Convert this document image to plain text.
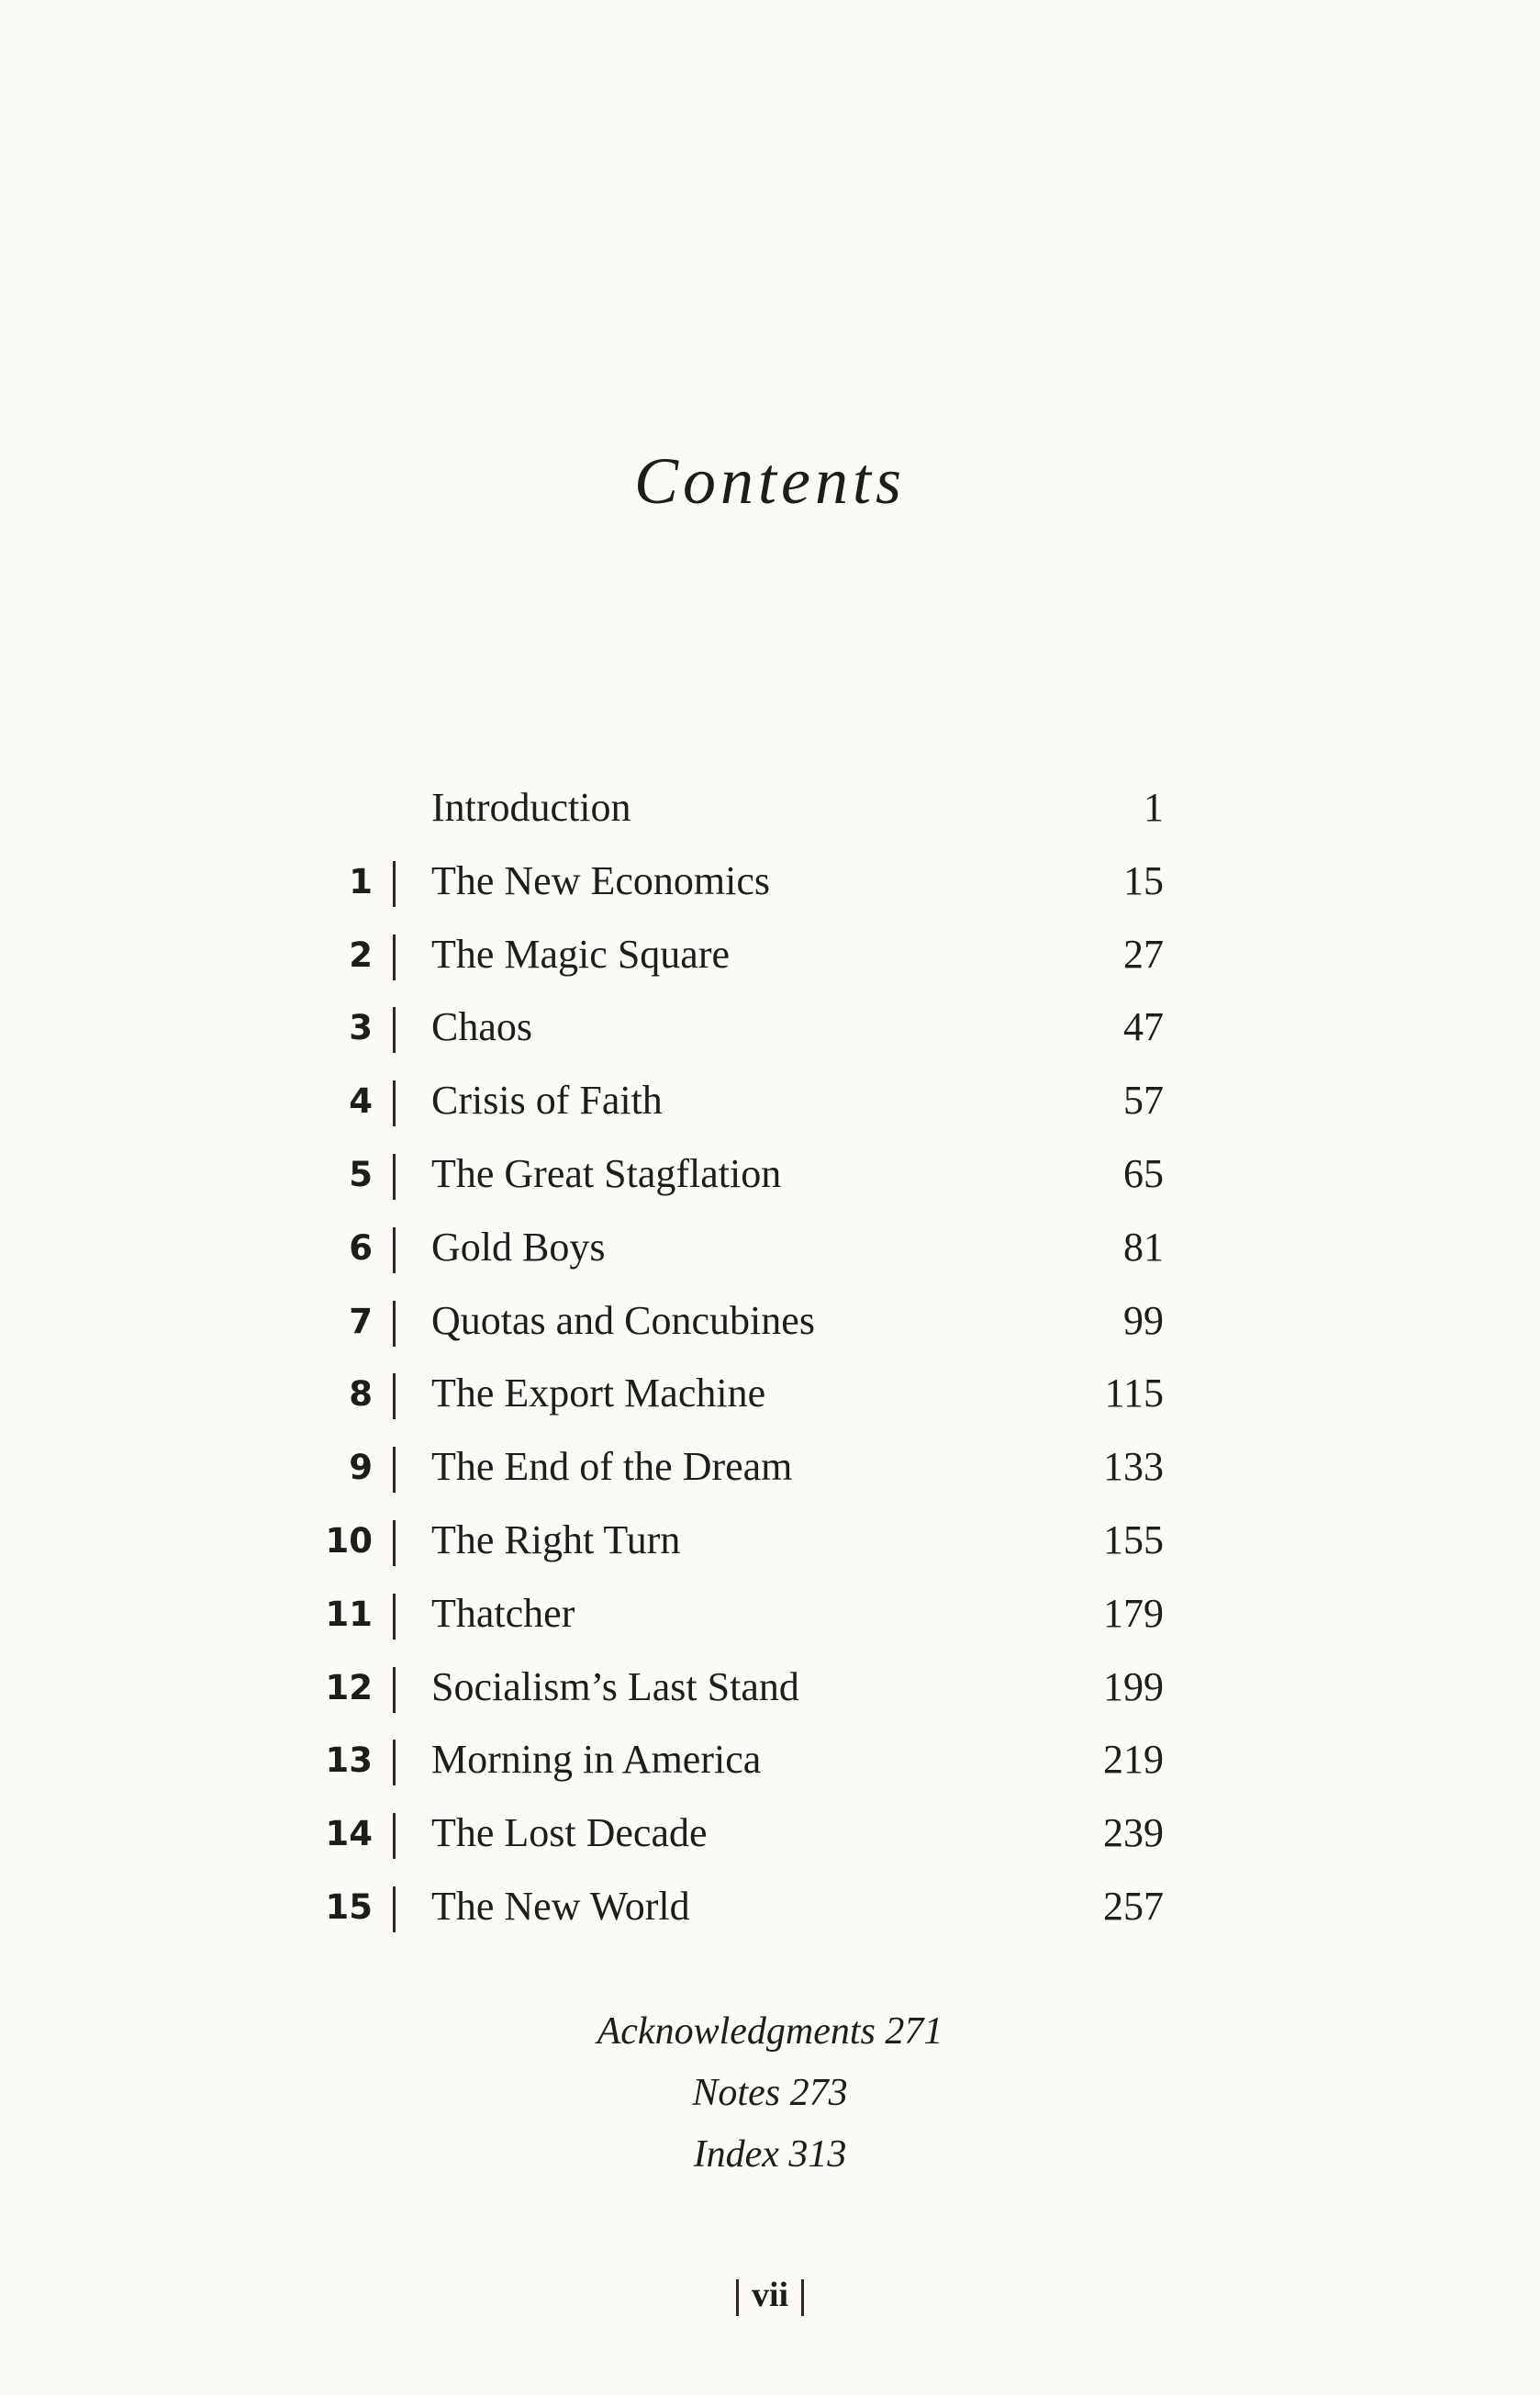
Contents
Introduction	1
1 The New Economics	15
2 The Magic Square	27
3 Chaos	47
4 Crisis of Faith	57
5 The Great Stagflation	65
6 Gold Boys	81
7 Quotas and Concubines	99
8 The Export Machine	115
9 The End of the Dream	133
10 The Right Turn	155
11 Thatcher	179
12 Socialism’s Last Stand	199
13 Morning in America	219
14 The Lost Decade	239
15 The New World	257
Acknowledgments 271
Notes 273
Index 313
vii
